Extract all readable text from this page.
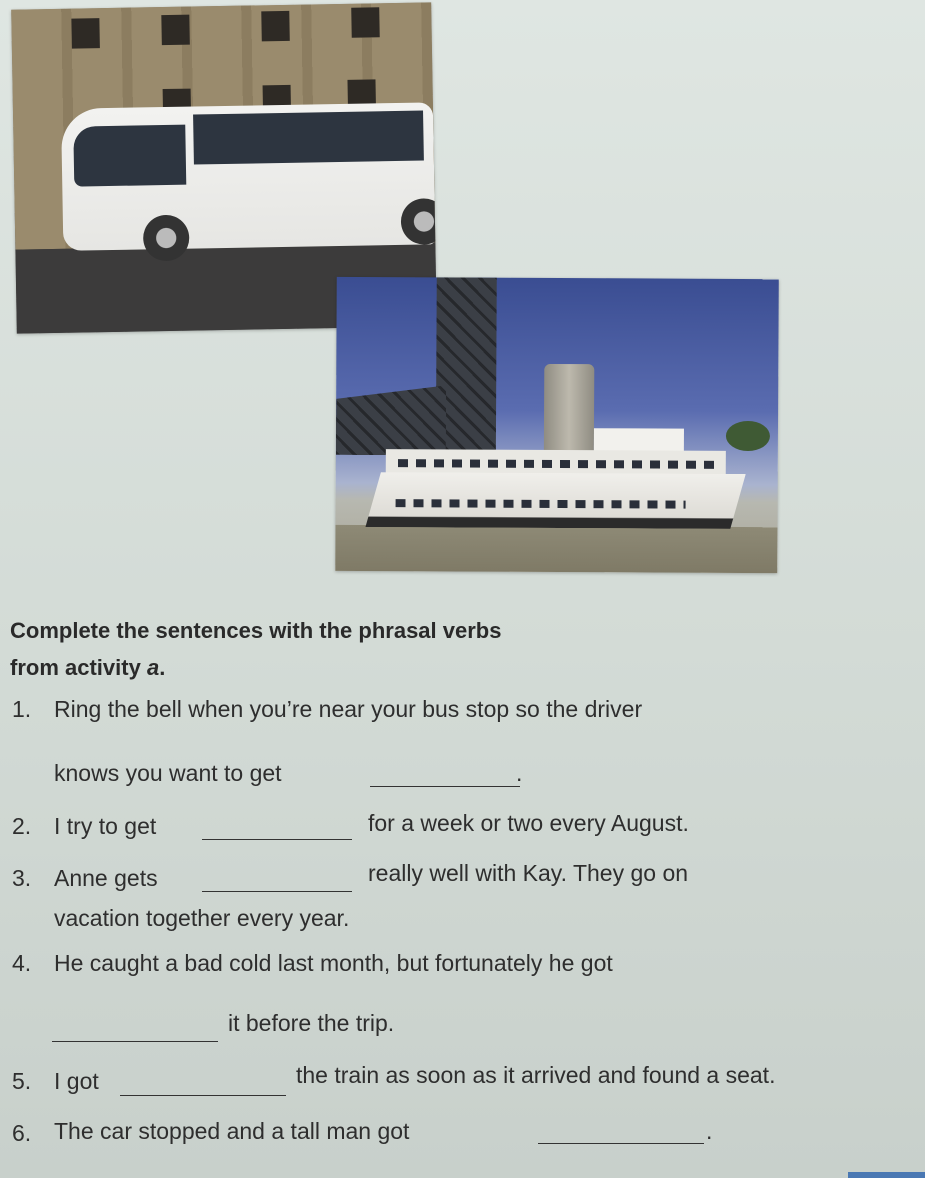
Complete the sentences with the phrasal verbs
from activity a.
1. Ring the bell when you’re near your bus stop so the driver
knows you want to get	.
2. I try to get	for a week or two every August.
3. Anne gets	really well with Kay. They go on
vacation together every year.
4. He caught a bad cold last month, but fortunately he got
it before the trip.
5. I got	the train as soon as it arrived and found a seat.
6. The car stopped and a tall man got	.
